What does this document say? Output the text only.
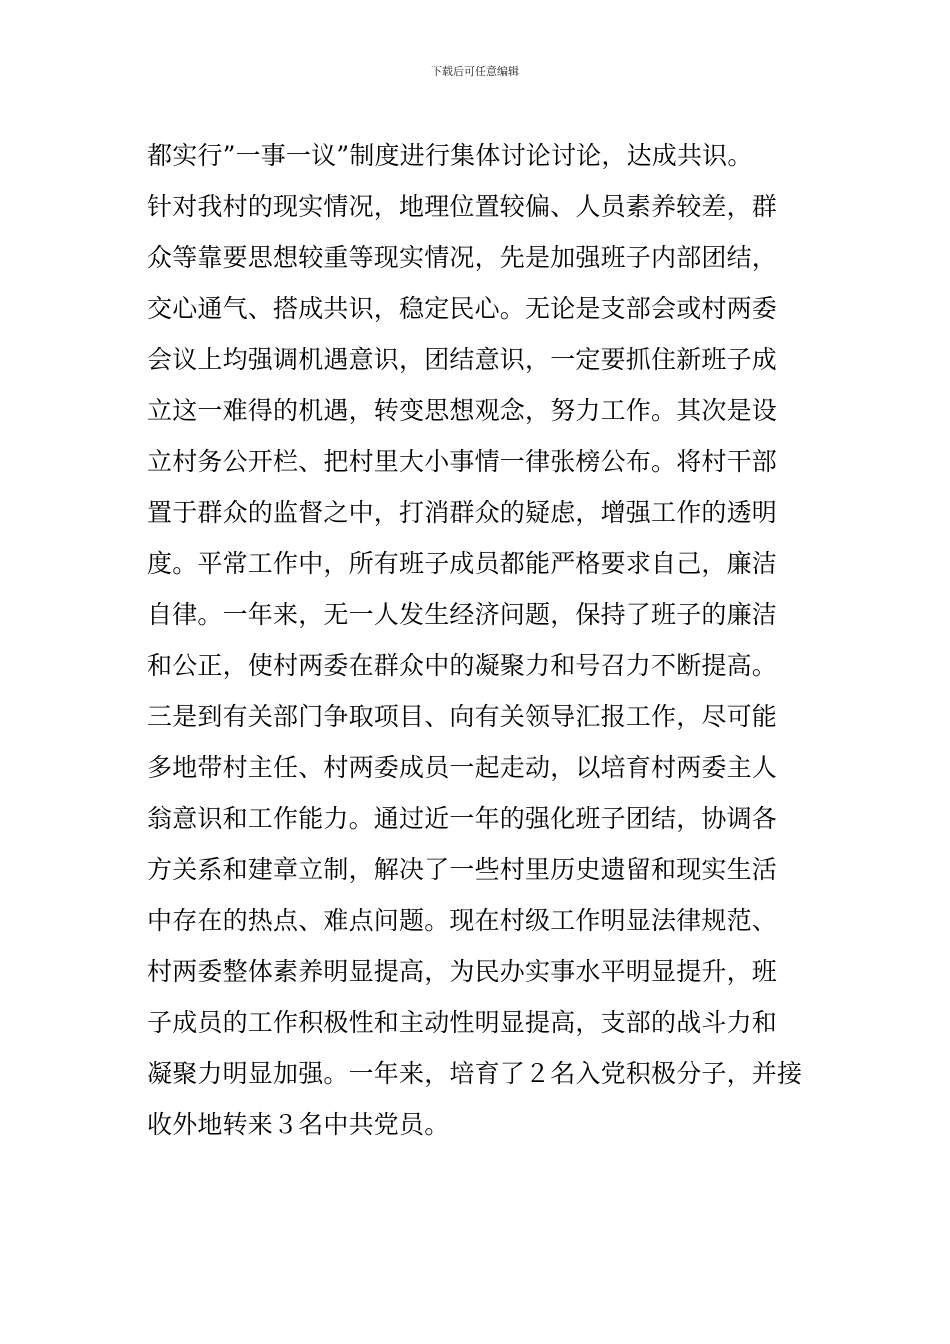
下载后可任意编辑
都实行”一事一议”制度进行集体讨论讨论，达成共识。
针对我村的现实情况，地理位置较偏、人员素养较差，群
众等靠要思想较重等现实情况，先是加强班子内部团结，
交心通气、搭成共识，稳定民心。无论是支部会或村两委
会议上均强调机遇意识，团结意识，一定要抓住新班子成
立这一难得的机遇，转变思想观念，努力工作。其次是设
立村务公开栏、把村里大小事情一律张榜公布。将村干部
置于群众的监督之中，打消群众的疑虑，增强工作的透明
度。平常工作中，所有班子成员都能严格要求自己，廉洁
自律。一年来，无一人发生经济问题，保持了班子的廉洁
和公正，使村两委在群众中的凝聚力和号召力不断提高。
三是到有关部门争取项目、向有关领导汇报工作，尽可能
多地带村主任、村两委成员一起走动，以培育村两委主人
翁意识和工作能力。通过近一年的强化班子团结，协调各
方关系和建章立制，解决了一些村里历史遗留和现实生活
中存在的热点、难点问题。现在村级工作明显法律规范、
村两委整体素养明显提高，为民办实事水平明显提升，班
子成员的工作积极性和主动性明显提高，支部的战斗力和
凝聚力明显加强。一年来，培育了２名入党积极分子，并接
收外地转来３名中共党员。
